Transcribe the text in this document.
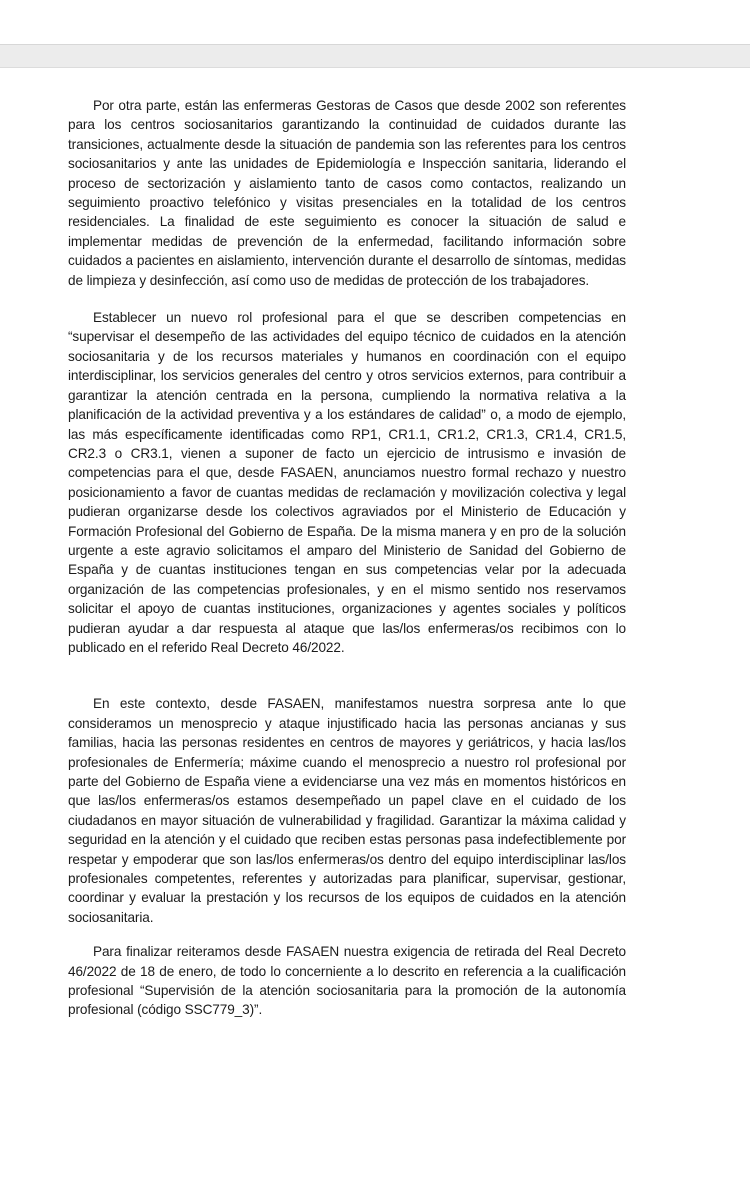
Por otra parte, están las enfermeras Gestoras de Casos que desde 2002 son referentes para los centros sociosanitarios garantizando la continuidad de cuidados durante las transiciones, actualmente desde la situación de pandemia son las referentes para los centros sociosanitarios y ante las unidades de Epidemiología e Inspección sanitaria, liderando el proceso de sectorización y aislamiento tanto de casos como contactos, realizando un seguimiento proactivo telefónico y visitas presenciales en la totalidad de los centros residenciales. La finalidad de este seguimiento es conocer la situación de salud e implementar medidas de prevención de la enfermedad, facilitando información sobre cuidados a pacientes en aislamiento, intervención durante el desarrollo de síntomas, medidas de limpieza y desinfección, así como uso de medidas de protección de los trabajadores.

Establecer un nuevo rol profesional para el que se describen competencias en “supervisar el desempeño de las actividades del equipo técnico de cuidados en la atención sociosanitaria y de los recursos materiales y humanos en coordinación con el equipo interdisciplinar, los servicios generales del centro y otros servicios externos, para contribuir a garantizar la atención centrada en la persona, cumpliendo la normativa relativa a la planificación de la actividad preventiva y a los estándares de calidad” o, a modo de ejemplo, las más específicamente identificadas como RP1, CR1.1, CR1.2, CR1.3, CR1.4, CR1.5, CR2.3 o CR3.1, vienen a suponer de facto un ejercicio de intrusismo e invasión de competencias para el que, desde FASAEN, anunciamos nuestro formal rechazo y nuestro posicionamiento a favor de cuantas medidas de reclamación y movilización colectiva y legal pudieran organizarse desde los colectivos agraviados por el Ministerio de Educación y Formación Profesional del Gobierno de España. De la misma manera y en pro de la solución urgente a este agravio solicitamos el amparo del Ministerio de Sanidad del Gobierno de España y de cuantas instituciones tengan en sus competencias velar por la adecuada organización de las competencias profesionales, y en el mismo sentido nos reservamos solicitar el apoyo de cuantas instituciones, organizaciones y agentes sociales y políticos pudieran ayudar a dar respuesta al ataque que las/los enfermeras/os recibimos con lo publicado en el referido Real Decreto 46/2022.

En este contexto, desde FASAEN, manifestamos nuestra sorpresa ante lo que consideramos un menosprecio y ataque injustificado hacia las personas ancianas y sus familias, hacia las personas residentes en centros de mayores y geriátricos, y hacia las/los profesionales de Enfermería; máxime cuando el menosprecio a nuestro rol profesional por parte del Gobierno de España viene a evidenciarse una vez más en momentos históricos en que las/los enfermeras/os estamos desempeñado un papel clave en el cuidado de los ciudadanos en mayor situación de vulnerabilidad y fragilidad. Garantizar la máxima calidad y seguridad en la atención y el cuidado que reciben estas personas pasa indefectiblemente por respetar y empoderar que son las/los enfermeras/os dentro del equipo interdisciplinar las/los profesionales competentes, referentes y autorizadas para planificar, supervisar, gestionar, coordinar y evaluar la prestación y los recursos de los equipos de cuidados en la atención sociosanitaria.

Para finalizar reiteramos desde FASAEN nuestra exigencia de retirada del Real Decreto 46/2022 de 18 de enero, de todo lo concerniente a lo descrito en referencia a la cualificación profesional “Supervisión de la atención sociosanitaria para la promoción de la autonomía profesional (código SSC779_3)”.
